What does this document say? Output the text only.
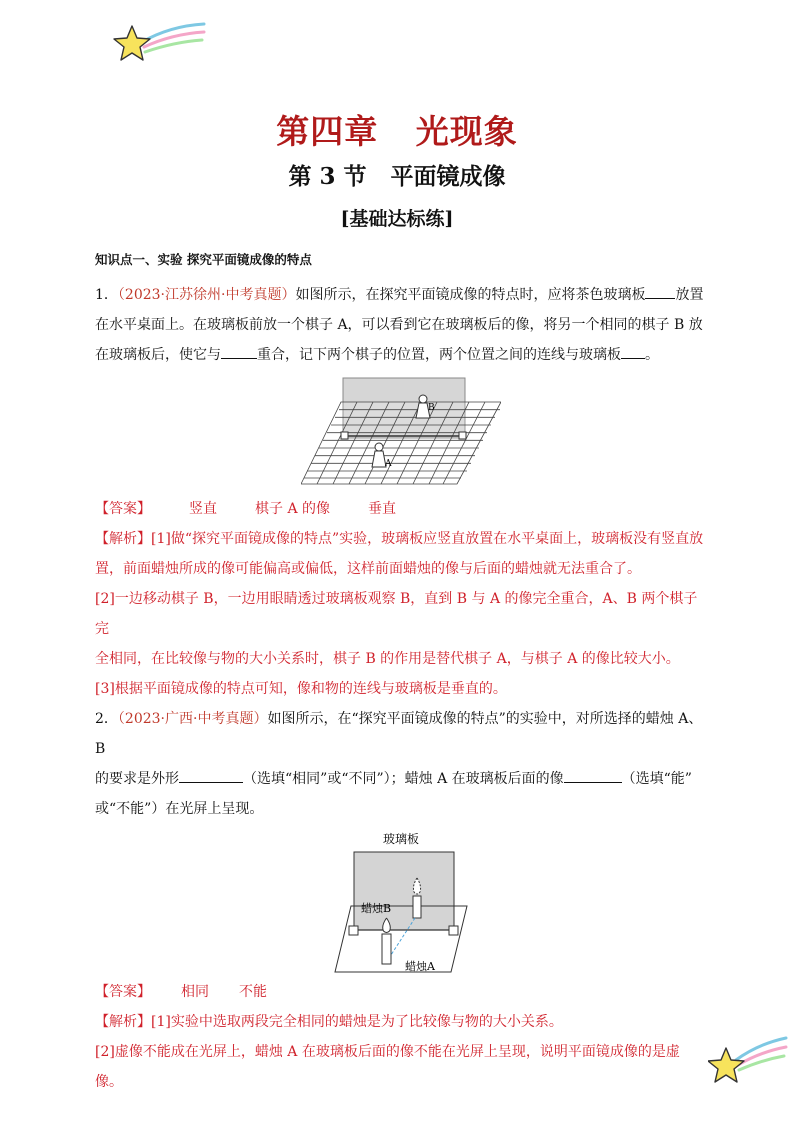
第四章   光现象
第 3 节   平面镜成像
[基础达标练]
知识点一、实验 探究平面镜成像的特点

1．（2023·江苏徐州·中考真题）如图所示，在探究平面镜成像的特点时，应将茶色玻璃板 放置

在水平桌面上。在玻璃板前放一个棋子 A，可以看到它在玻璃板后的像，将另一个相同的棋子 B 放

在玻璃板后，使它与	重合，记下两个棋子的位置，两个位置之间的连线与玻璃板 。

B
A

【答案】	竖直	棋子 A 的像	垂直

【解析】[1]做“探究平面镜成像的特点”实验，玻璃板应竖直放置在水平桌面上，玻璃板没有竖直放

置，前面蜡烛所成的像可能偏高或偏低，这样前面蜡烛的像与后面的蜡烛就无法重合了。

[2]一边移动棋子 B，一边用眼睛透过玻璃板观察 B，直到 B 与 A 的像完全重合，A、B 两个棋子完

全相同，在比较像与物的大小关系时，棋子 B 的作用是替代棋子 A，与棋子 A 的像比较大小。

[3]根据平面镜成像的特点可知，像和物的连线与玻璃板是垂直的。

2．（2023·广西·中考真题）如图所示，在“探究平面镜成像的特点”的实验中，对所选择的蜡烛 A、B

的要求是外形	（选填“相同”或“不同”）；蜡烛 A 在玻璃板后面的像	（选填“能”

或“不能”）在光屏上呈现。

玻璃板
蜡烛B
蜡烛A

【答案】 相同 不能

【解析】[1]实验中选取两段完全相同的蜡烛是为了比较像与物的大小关系。

[2]虚像不能成在光屏上，蜡烛 A 在玻璃板后面的像不能在光屏上呈现，说明平面镜成像的是虚像。
